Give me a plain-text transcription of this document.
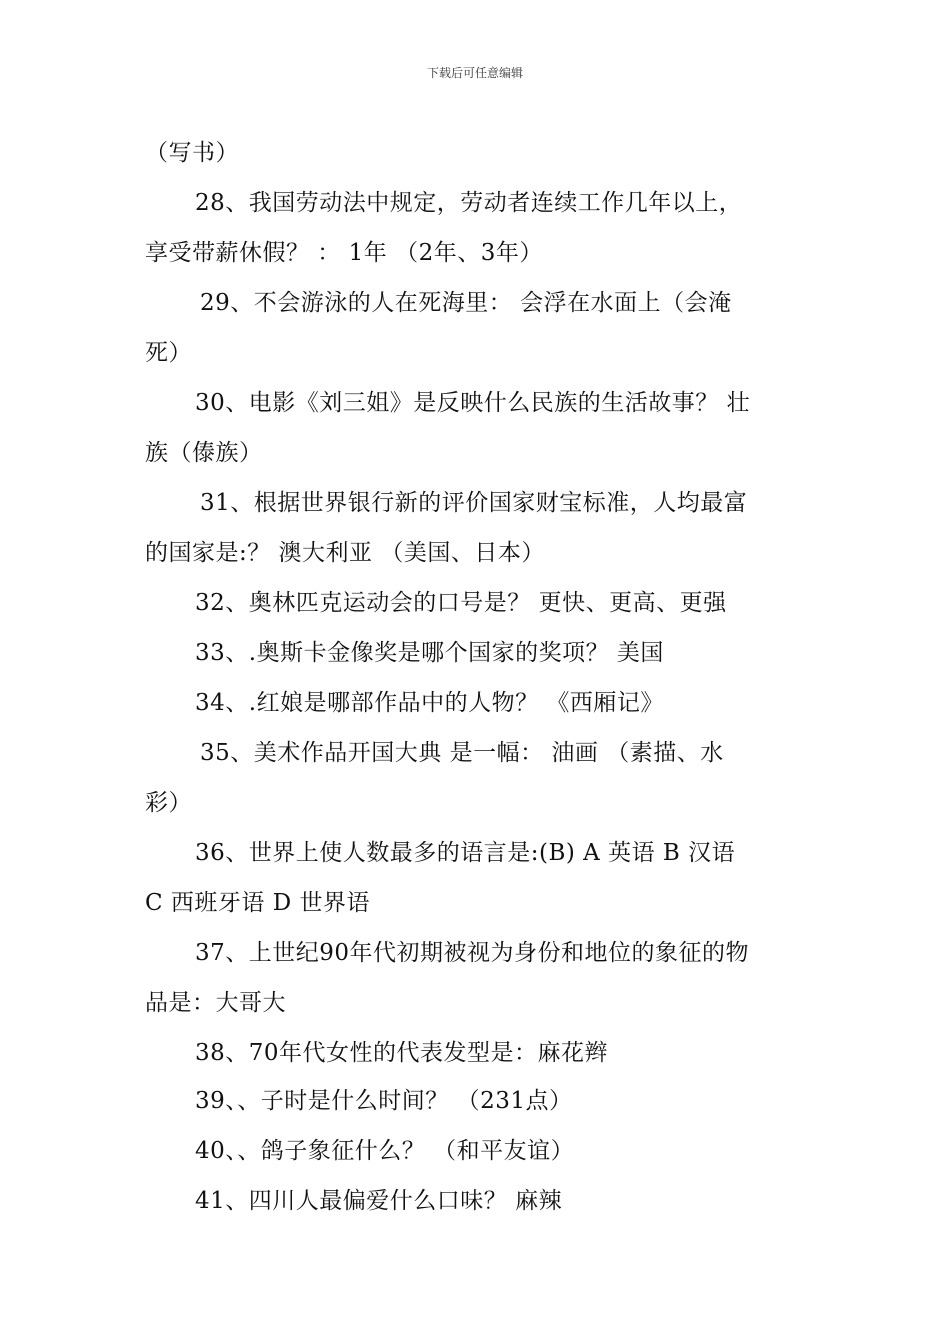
下载后可任意编辑
（写书）
28、我国劳动法中规定，劳动者连续工作几年以上，
享受带薪休假？ ： 1年 （2年、3年）
29、不会游泳的人在死海里： 会浮在水面上（会淹
死）
30、电影《刘三姐》是反映什么民族的生活故事？ 壮
族（傣族）
31、根据世界银行新的评价国家财宝标准，人均最富
的国家是:？ 澳大利亚 （美国、日本）
32、奥林匹克运动会的口号是？ 更快、更高、更强
33、.奥斯卡金像奖是哪个国家的奖项？ 美国
34、.红娘是哪部作品中的人物？ 《西厢记》
35、美术作品开国大典 是一幅： 油画 （素描、水
彩）
36、世界上使人数最多的语言是:(B) A 英语 B 汉语
C 西班牙语 D 世界语
37、上世纪90年代初期被视为身份和地位的象征的物
品是：大哥大
38、70年代女性的代表发型是：麻花辫
39、、子时是什么时间？ （231点）
40、、鸽子象征什么？ （和平友谊）
41、四川人最偏爱什么口味？ 麻辣
